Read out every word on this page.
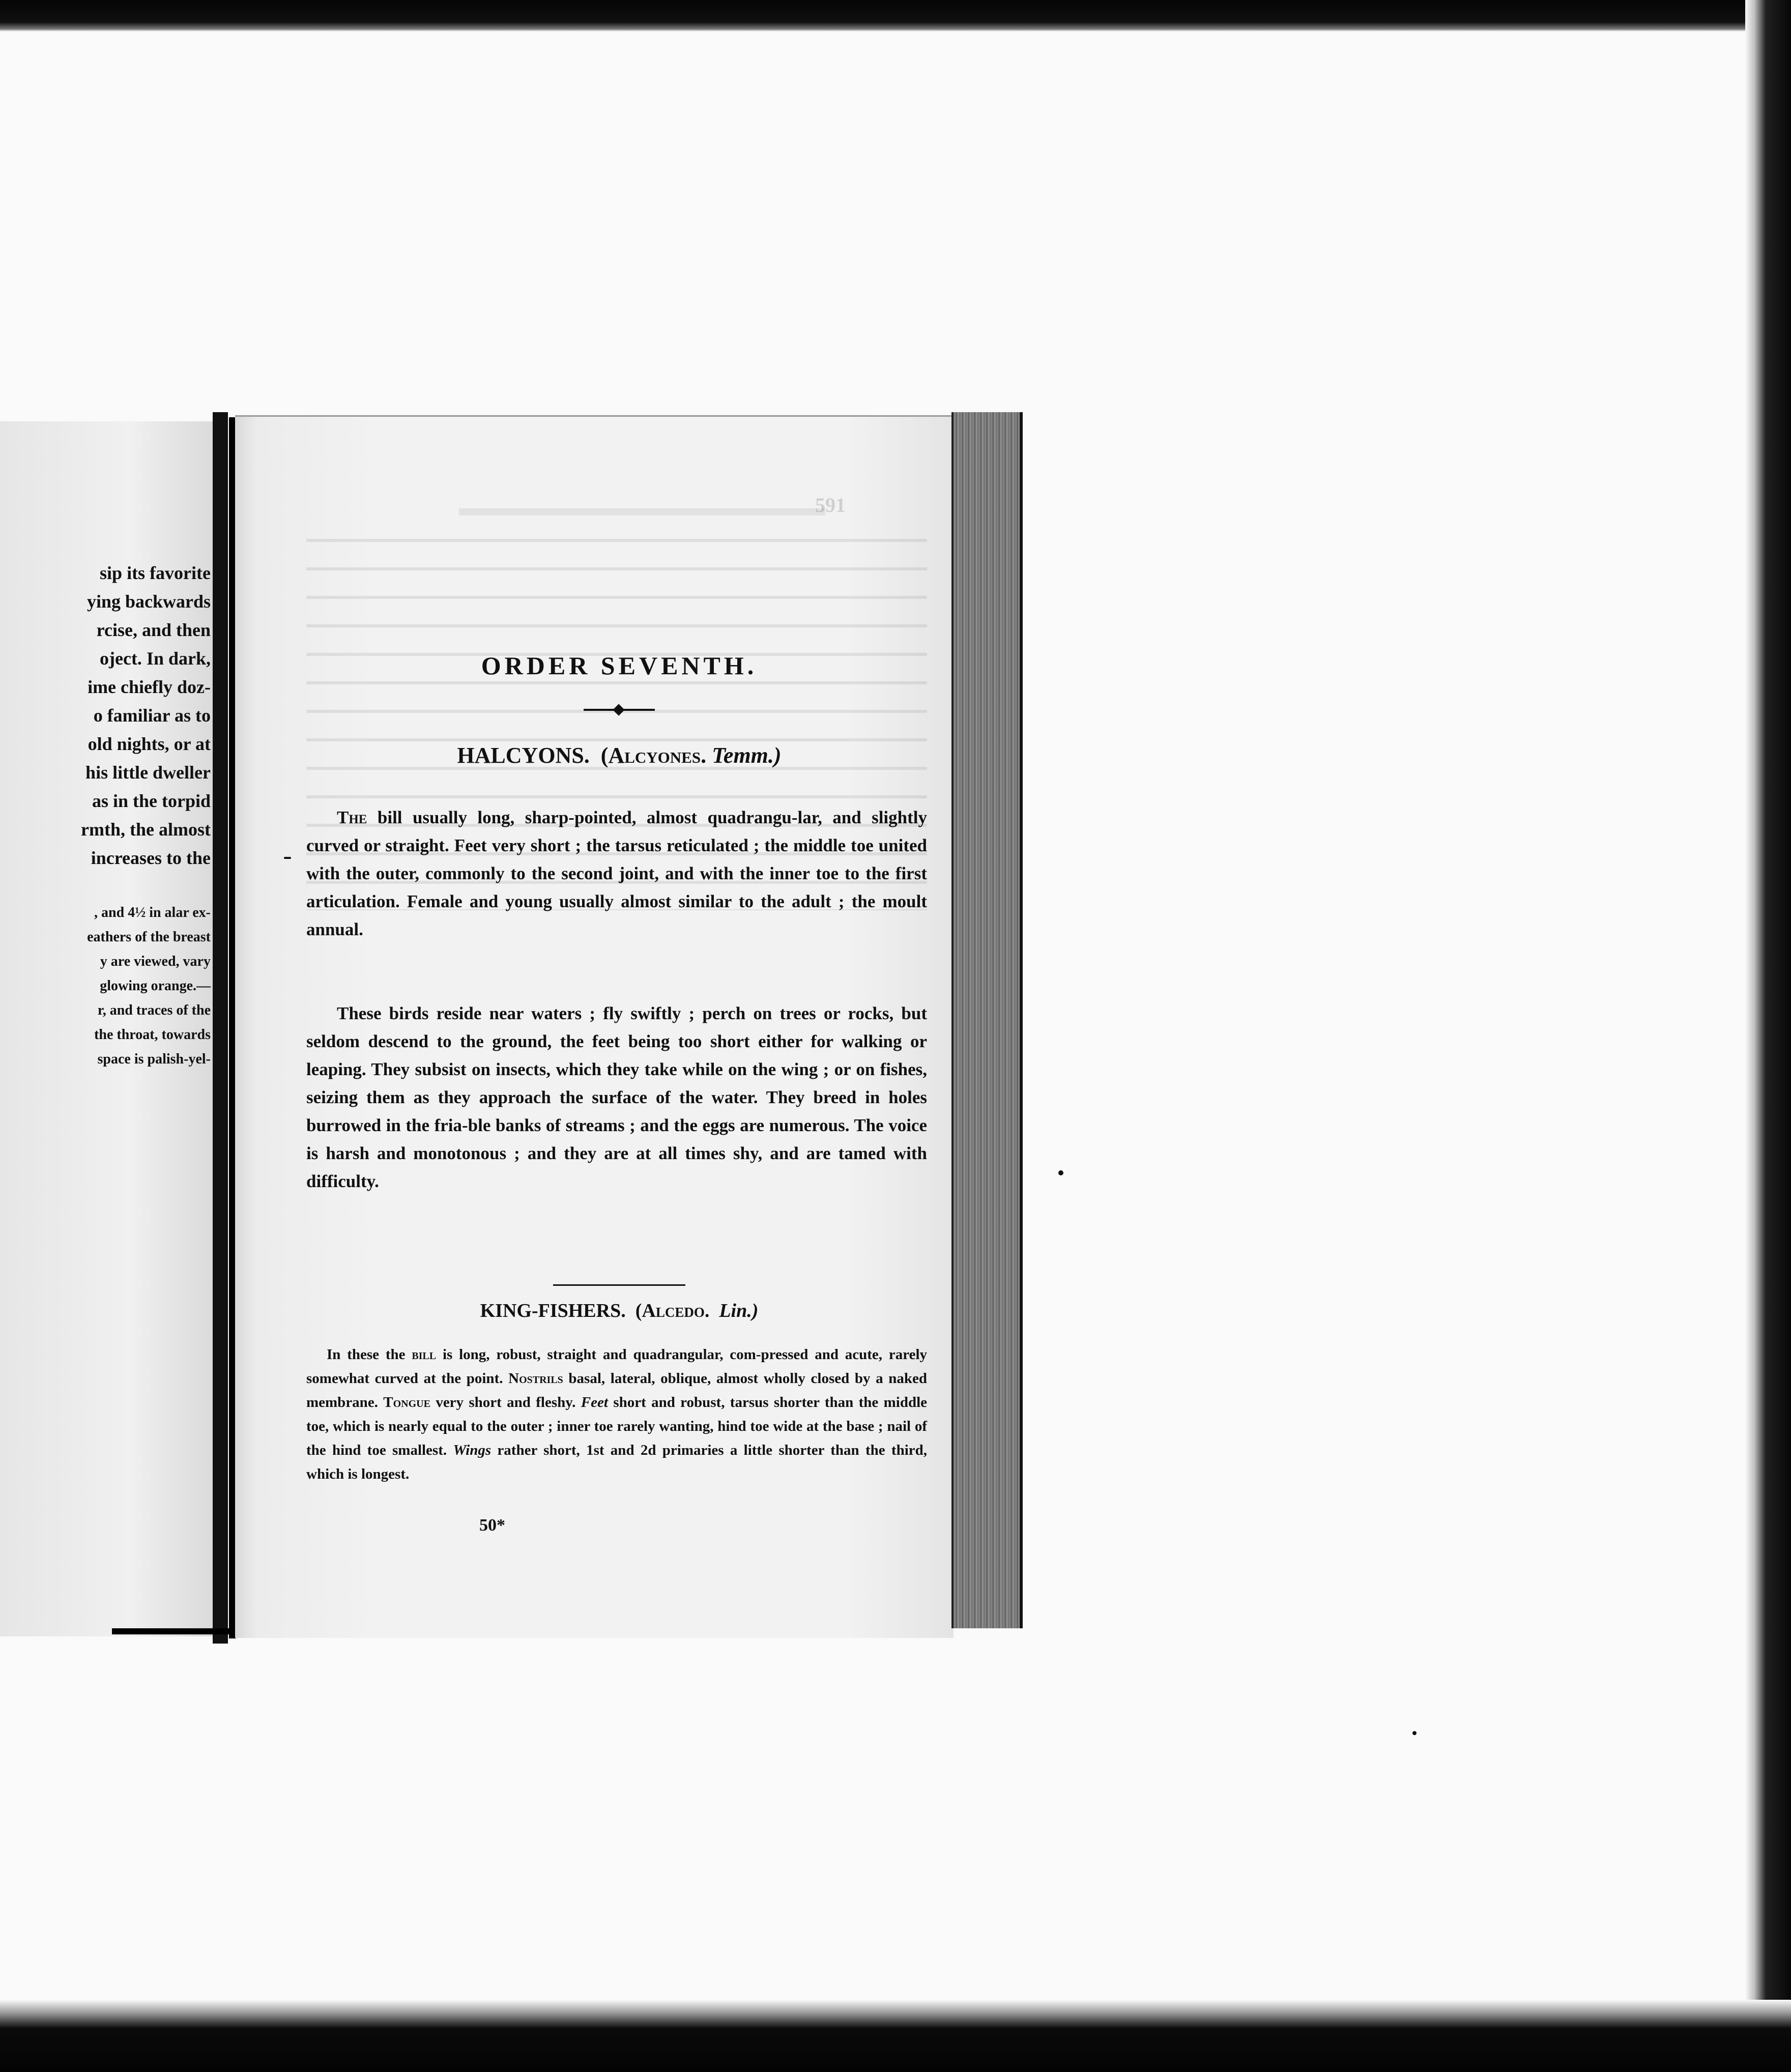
sip its favorite
ying backwards
rcise, and then
oject. In dark,
ime chiefly doz-
o familiar as to
old nights, or at
his little dweller
as in the torpid
rmth, the almost
increases to the
, and 4½ in alar ex-
eathers of the breast
y are viewed, vary
glowing orange.—
r, and traces of the
the throat, towards
space is palish-yel-
591
ORDER SEVENTH.
HALCYONS. (Alcyones. Temm.)
The bill usually long, sharp-pointed, almost quadrangu-lar, and slightly curved or straight. Feet very short ; the tarsus reticulated ; the middle toe united with the outer, commonly to the second joint, and with the inner toe to the first articulation. Female and young usually almost similar to the adult ; the moult annual.
These birds reside near waters ; fly swiftly ; perch on trees or rocks, but seldom descend to the ground, the feet being too short either for walking or leaping. They subsist on insects, which they take while on the wing ; or on fishes, seizing them as they approach the surface of the water. They breed in holes burrowed in the fria-ble banks of streams ; and the eggs are numerous. The voice is harsh and monotonous ; and they are at all times shy, and are tamed with difficulty.
KING-FISHERS. (Alcedo. Lin.)
In these the bill is long, robust, straight and quadrangular, com-pressed and acute, rarely somewhat curved at the point. Nostrils basal, lateral, oblique, almost wholly closed by a naked membrane. Tongue very short and fleshy. Feet short and robust, tarsus shorter than the middle toe, which is nearly equal to the outer ; inner toe rarely wanting, hind toe wide at the base ; nail of the hind toe smallest. Wings rather short, 1st and 2d primaries a little shorter than the third, which is longest.
50*
